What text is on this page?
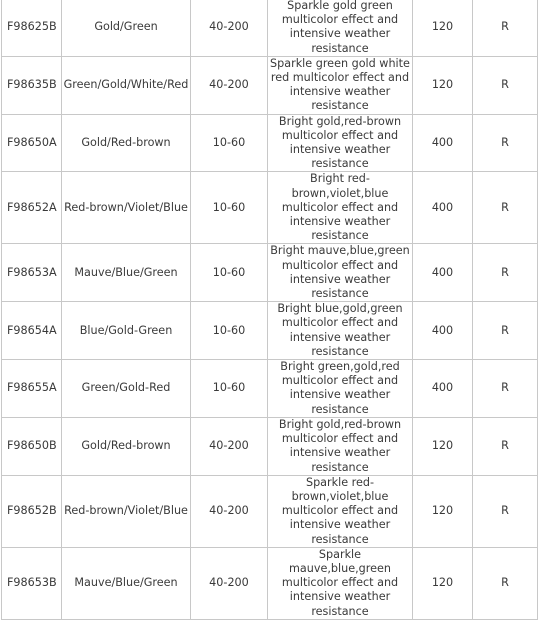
F98625B	Gold/Green	40-200	Sparkle gold green multicolor effect and intensive weather resistance	120	R
F98635B	Green/Gold/White/Red	40-200	Sparkle green gold white red multicolor effect and intensive weather resistance	120	R
F98650A	Gold/Red-brown	10-60	Bright gold,red-brown multicolor effect and intensive weather resistance	400	R
F98652A	Red-brown/Violet/Blue	10-60	Bright red-brown,violet,blue multicolor effect and intensive weather resistance	400	R
F98653A	Mauve/Blue/Green	10-60	Bright mauve,blue,green multicolor effect and intensive weather resistance	400	R
F98654A	Blue/Gold-Green	10-60	Bright blue,gold,green multicolor effect and intensive weather resistance	400	R
F98655A	Green/Gold-Red	10-60	Bright green,gold,red multicolor effect and intensive weather resistance	400	R
F98650B	Gold/Red-brown	40-200	Bright gold,red-brown multicolor effect and intensive weather resistance	120	R
F98652B	Red-brown/Violet/Blue	40-200	Sparkle red-brown,violet,blue multicolor effect and intensive weather resistance	120	R
F98653B	Mauve/Blue/Green	40-200	Sparkle mauve,blue,green multicolor effect and intensive weather resistance	120	R
